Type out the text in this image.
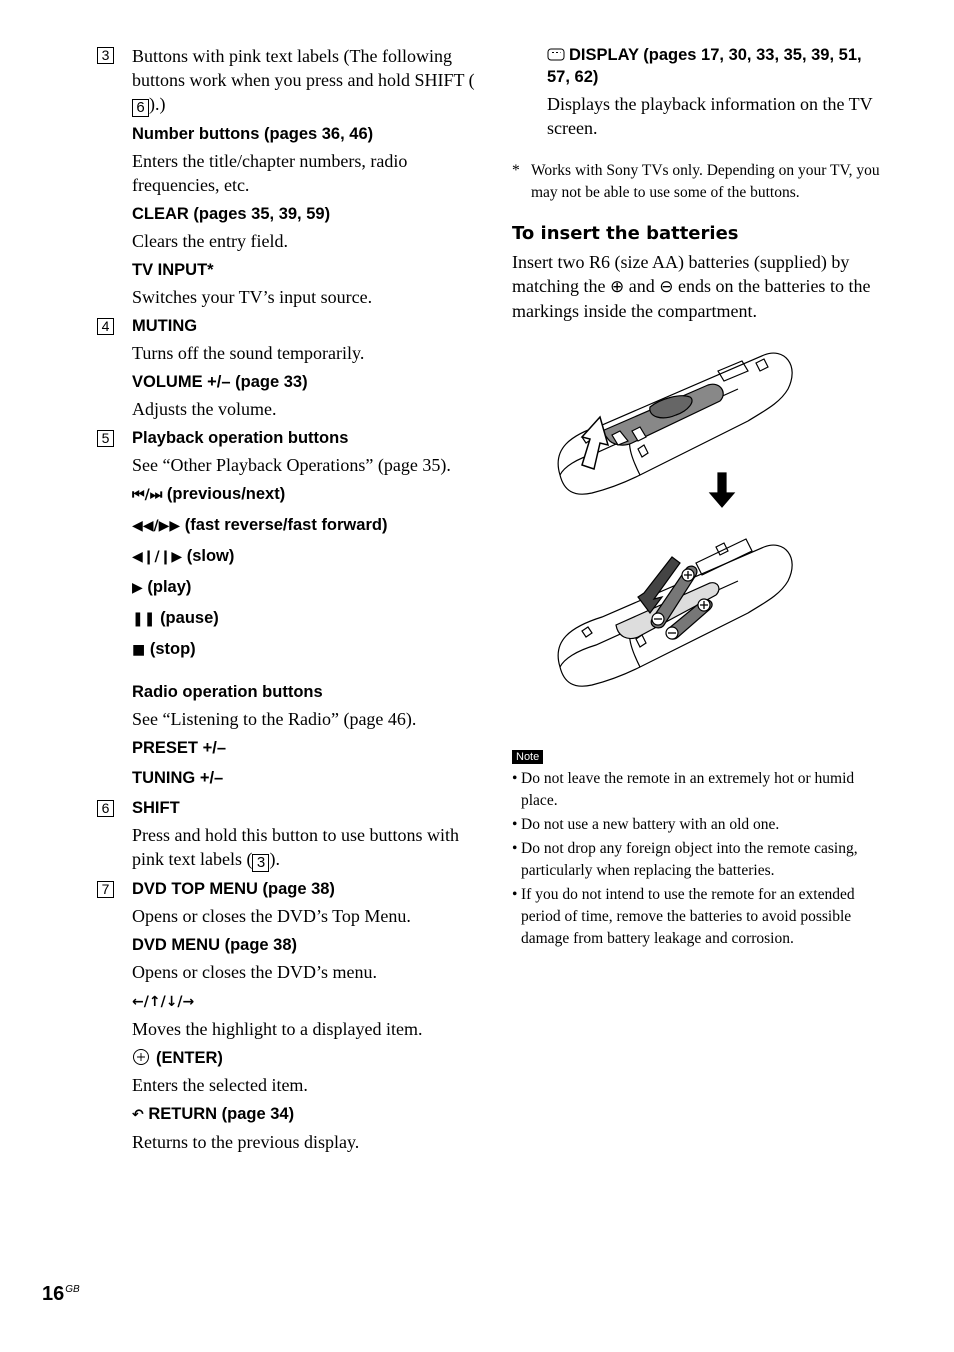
3 Buttons with pink text labels (The following buttons work when you press and hold SHIFT (6 ).)

Number buttons (pages 36, 46)

Enters the title/chapter numbers, radio frequencies, etc.

CLEAR (pages 35, 39, 59)

Clears the entry field.

TV INPUT*

Switches your TV’s input source.

4 MUTING

Turns off the sound temporarily.

VOLUME +/– (page 33)

Adjusts the volume.

5 Playback operation buttons

See “Other Playback Operations” (page 35).

⏮/⏭ (previous/next)

◀◀/▶▶ (fast reverse/fast forward)

◀❙/❙▶ (slow)

▶ (play)

❚❚ (pause)

■ (stop)

Radio operation buttons

See “Listening to the Radio” (page 46).

PRESET +/–

TUNING +/–

6 SHIFT

Press and hold this button to use buttons with pink text labels ( 3 ).

7 DVD TOP MENU (page 38)

Opens or closes the DVD’s Top Menu.

DVD MENU (page 38)

Opens or closes the DVD’s menu.

←/↑/↓/→

Moves the highlight to a displayed item.

(ENTER)

Enters the selected item.

↶ RETURN (page 34)

Returns to the previous display.

DISPLAY (pages 17, 30, 33, 35, 39, 51, 57, 62)

Displays the playback information on the TV screen.

* Works with Sony TVs only. Depending on your TV, you may not be able to use some of the buttons.

To insert the batteries

Insert two R6 (size AA) batteries (supplied) by matching the ⊕ and ⊖ ends on the batteries to the markings inside the compartment.

Note
• Do not leave the remote in an extremely hot or humid place.
• Do not use a new battery with an old one.
• Do not drop any foreign object into the remote casing, particularly when replacing the batteries.
• If you do not intend to use the remote for an extended period of time, remove the batteries to avoid possible damage from battery leakage and corrosion.
$16^{GB}$
